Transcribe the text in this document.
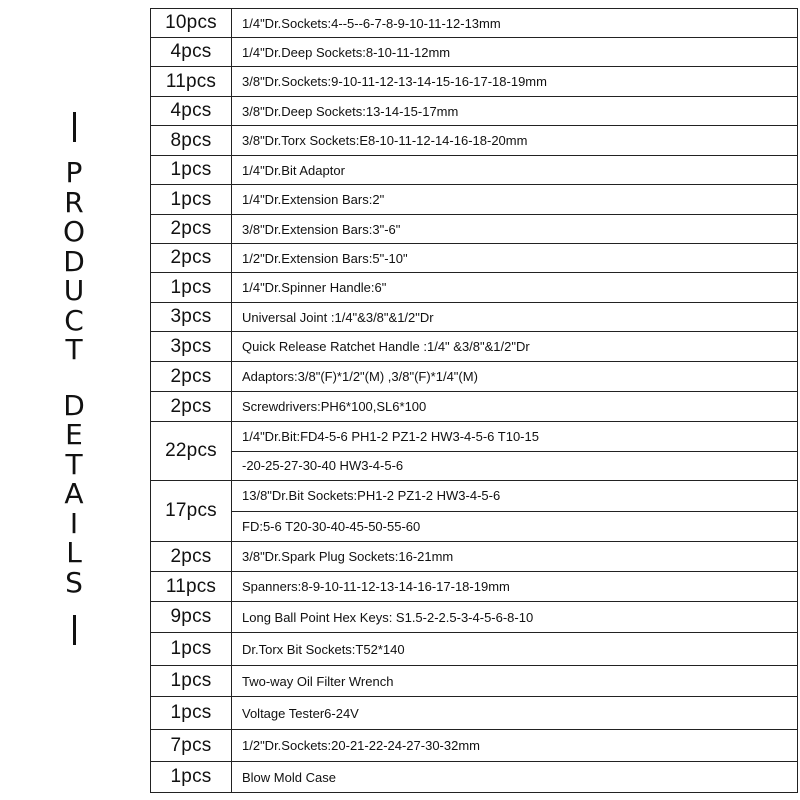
P
R
O
D
U
C
T
D
E
T
A
I
L
S
10pcs	1/4"Dr.Sockets:4--5--6-7-8-9-10-11-12-13mm
4pcs	1/4"Dr.Deep Sockets:8-10-11-12mm
11pcs	3/8"Dr.Sockets:9-10-11-12-13-14-15-16-17-18-19mm
4pcs	3/8"Dr.Deep Sockets:13-14-15-17mm
8pcs	3/8"Dr.Torx Sockets:E8-10-11-12-14-16-18-20mm
1pcs	1/4"Dr.Bit Adaptor
1pcs	1/4"Dr.Extension Bars:2"
2pcs	3/8"Dr.Extension Bars:3"-6"
2pcs	1/2"Dr.Extension Bars:5"-10"
1pcs	1/4"Dr.Spinner Handle:6"
3pcs	Universal Joint :1/4"&3/8"&1/2"Dr
3pcs	Quick Release Ratchet Handle :1/4" &3/8"&1/2"Dr
2pcs	Adaptors:3/8"(F)*1/2"(M) ,3/8"(F)*1/4"(M)
2pcs	Screwdrivers:PH6*100,SL6*100
22pcs	1/4"Dr.Bit:FD4-5-6 PH1-2 PZ1-2 HW3-4-5-6 T10-15
	-20-25-27-30-40 HW3-4-5-6
17pcs	13/8"Dr.Bit Sockets:PH1-2 PZ1-2 HW3-4-5-6
	FD:5-6 T20-30-40-45-50-55-60
2pcs	3/8"Dr.Spark Plug Sockets:16-21mm
11pcs	Spanners:8-9-10-11-12-13-14-16-17-18-19mm
9pcs	Long Ball Point Hex Keys: S1.5-2-2.5-3-4-5-6-8-10
1pcs	Dr.Torx Bit Sockets:T52*140
1pcs	Two-way Oil Filter Wrench
1pcs	Voltage Tester6-24V
7pcs	1/2"Dr.Sockets:20-21-22-24-27-30-32mm
1pcs	Blow Mold Case
